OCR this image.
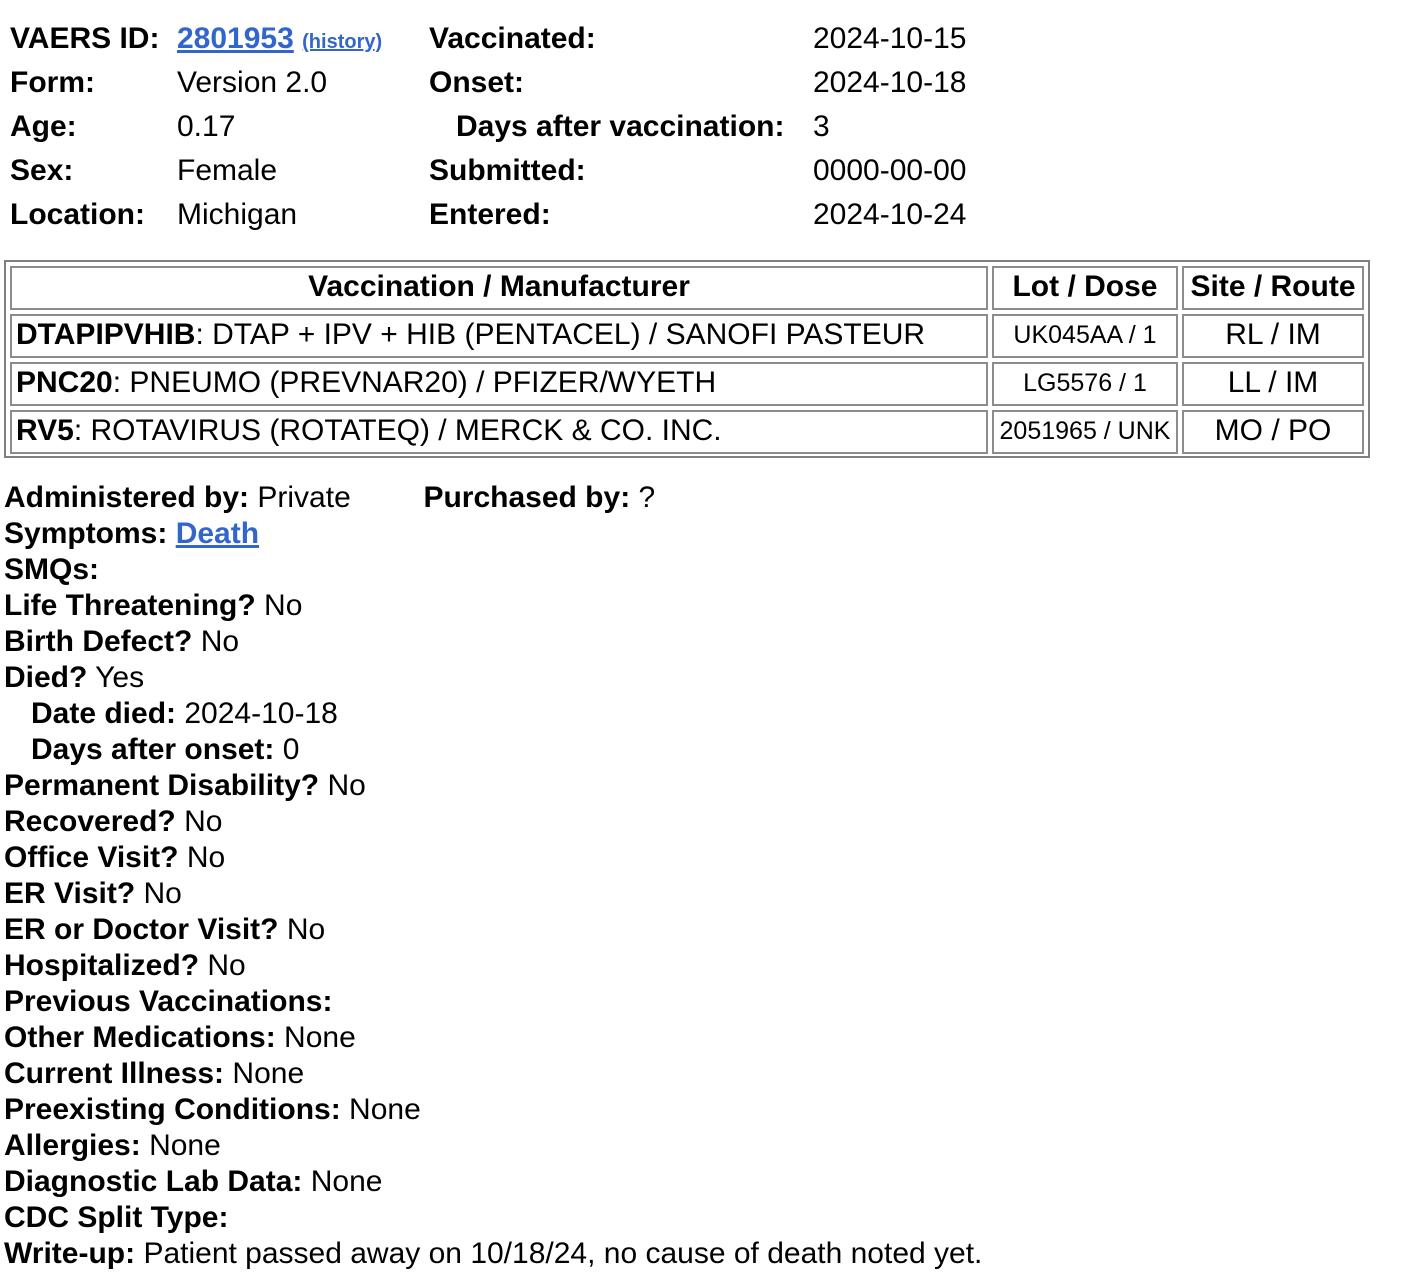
VAERS ID: 2801953 (history) Vaccinated:	2024-10-15
Form:	Version 2.0	Onset:	2024-10-18
Age:	0.17	Days after vaccination: 3
Sex:	Female	Submitted:	0000-00-00
Location: Michigan	Entered:	2024-10-24
Vaccination / Manufacturer	Lot / Dose	Site / Route
DTAPIPVHIB: DTAP + IPV + HIB (PENTACEL) / SANOFI PASTEUR	UK045AA / 1	RL / IM
PNC20: PNEUMO (PREVNAR20) / PFIZER/WYETH	LG5576 / 1	LL / IM
RV5: ROTAVIRUS (ROTATEQ) / MERCK & CO. INC.	2051965 / UNK	MO / PO
Administered by: Private Purchased by: ?
Symptoms: Death
SMQs:
Life Threatening? No
Birth Defect? No
Died? Yes
Date died: 2024-10-18
Days after onset: 0
Permanent Disability? No
Recovered? No
Office Visit? No
ER Visit? No
ER or Doctor Visit? No
Hospitalized? No
Previous Vaccinations:
Other Medications: None
Current Illness: None
Preexisting Conditions: None
Allergies: None
Diagnostic Lab Data: None
CDC Split Type:
Write-up: Patient passed away on 10/18/24, no cause of death noted yet.
